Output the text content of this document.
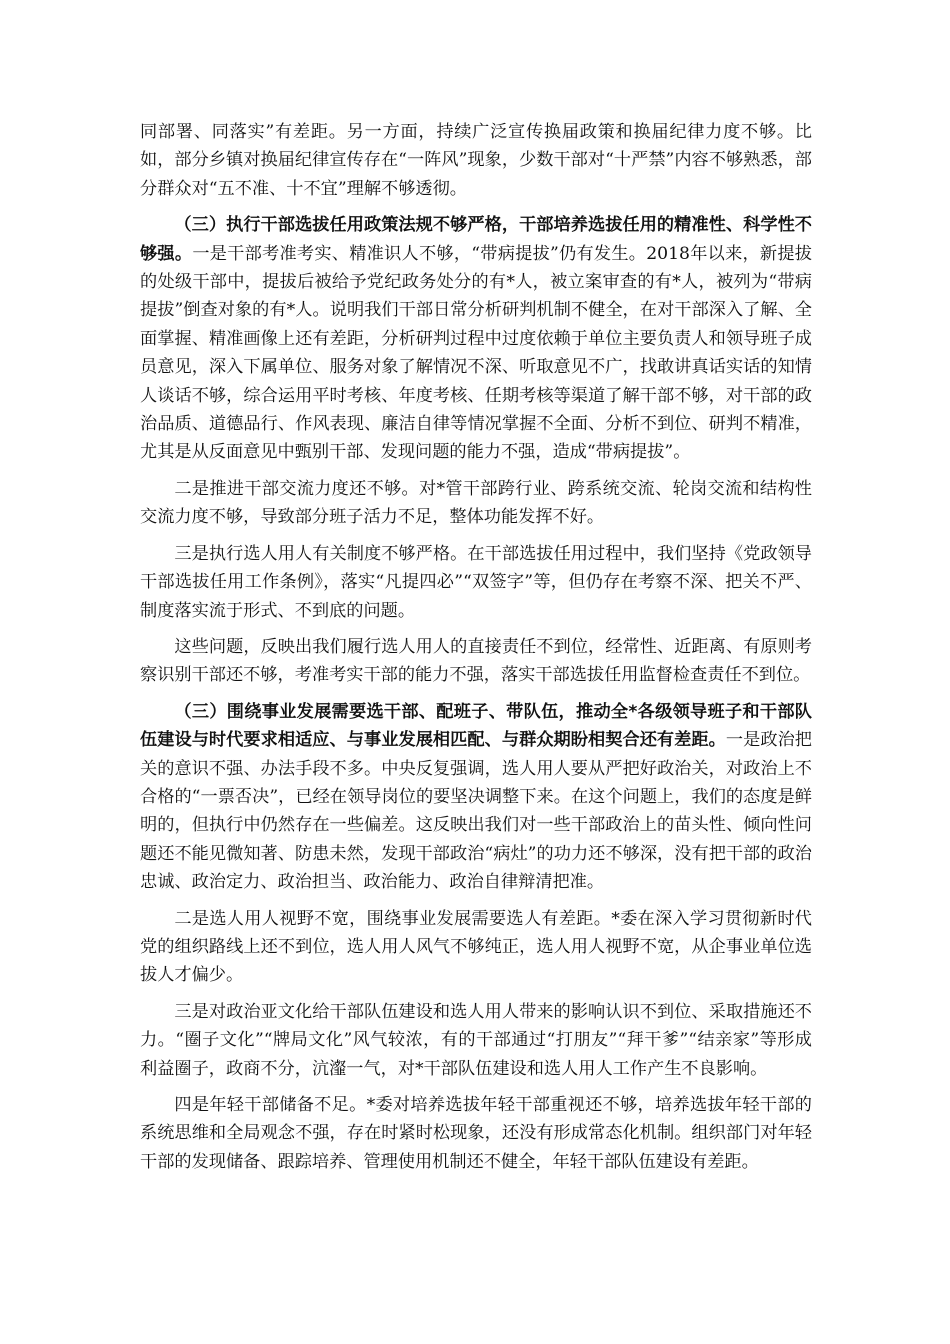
同部署、同落实”有差距。另一方面，持续广泛宣传换届政策和换届纪律力度不够。比如，部分乡镇对换届纪律宣传存在“一阵风”现象，少数干部对“十严禁”内容不够熟悉，部分群众对“五不准、十不宜”理解不够透彻。

（三）执行干部选拔任用政策法规不够严格，干部培养选拔任用的精准性、科学性不够强。一是干部考准考实、精准识人不够，“带病提拔”仍有发生。2018年以来，新提拔的处级干部中，提拔后被给予党纪政务处分的有*人，被立案审查的有*人，被列为“带病提拔”倒查对象的有*人。说明我们干部日常分析研判机制不健全，在对干部深入了解、全面掌握、精准画像上还有差距，分析研判过程中过度依赖于单位主要负责人和领导班子成员意见，深入下属单位、服务对象了解情况不深、听取意见不广，找敢讲真话实话的知情人谈话不够，综合运用平时考核、年度考核、任期考核等渠道了解干部不够，对干部的政治品质、道德品行、作风表现、廉洁自律等情况掌握不全面、分析不到位、研判不精准，尤其是从反面意见中甄别干部、发现问题的能力不强，造成“带病提拔”。

二是推进干部交流力度还不够。对*管干部跨行业、跨系统交流、轮岗交流和结构性交流力度不够，导致部分班子活力不足，整体功能发挥不好。

三是执行选人用人有关制度不够严格。在干部选拔任用过程中，我们坚持《党政领导干部选拔任用工作条例》，落实“凡提四必”“双签字”等，但仍存在考察不深、把关不严、制度落实流于形式、不到底的问题。

这些问题，反映出我们履行选人用人的直接责任不到位，经常性、近距离、有原则考察识别干部还不够，考准考实干部的能力不强，落实干部选拔任用监督检查责任不到位。

（三）围绕事业发展需要选干部、配班子、带队伍，推动全*各级领导班子和干部队伍建设与时代要求相适应、与事业发展相匹配、与群众期盼相契合还有差距。一是政治把关的意识不强、办法手段不多。中央反复强调，选人用人要从严把好政治关，对政治上不合格的“一票否决”，已经在领导岗位的要坚决调整下来。在这个问题上，我们的态度是鲜明的，但执行中仍然存在一些偏差。这反映出我们对一些干部政治上的苗头性、倾向性问题还不能见微知著、防患未然，发现干部政治“病灶”的功力还不够深，没有把干部的政治忠诚、政治定力、政治担当、政治能力、政治自律辩清把准。

二是选人用人视野不宽，围绕事业发展需要选人有差距。*委在深入学习贯彻新时代党的组织路线上还不到位，选人用人风气不够纯正，选人用人视野不宽，从企事业单位选拔人才偏少。

三是对政治亚文化给干部队伍建设和选人用人带来的影响认识不到位、采取措施还不力。“圈子文化”“牌局文化”风气较浓，有的干部通过“打朋友”“拜干爹”“结亲家”等形成利益圈子，政商不分，沆瀣一气，对*干部队伍建设和选人用人工作产生不良影响。

四是年轻干部储备不足。*委对培养选拔年轻干部重视还不够，培养选拔年轻干部的系统思维和全局观念不强，存在时紧时松现象，还没有形成常态化机制。组织部门对年轻干部的发现储备、跟踪培养、管理使用机制还不健全，年轻干部队伍建设有差距。
